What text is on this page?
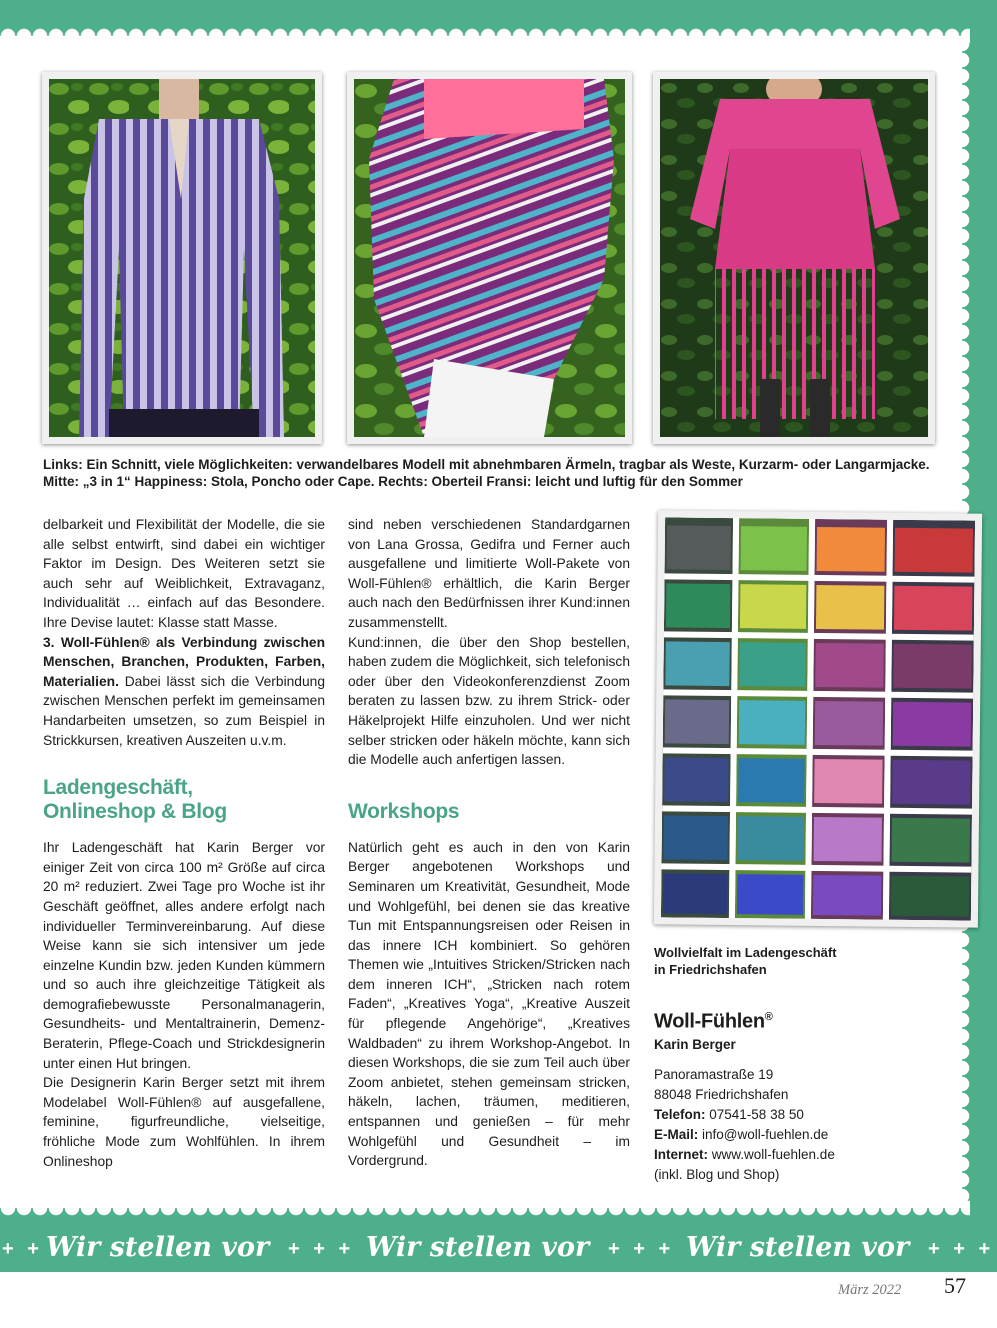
Links: Ein Schnitt, viele Möglichkeiten: verwandelbares Modell mit abnehmbaren Ärmeln, tragbar als Weste, Kurzarm- oder Langarmjacke.
Mitte: „3 in 1“ Happiness: Stola, Poncho oder Cape. Rechts: Oberteil Fransi: leicht und luftig für den Sommer

delbarkeit und Flexibilität der Modelle, die sie alle selbst entwirft, sind dabei ein wichtiger Faktor im Design. Des Weiteren setzt sie auch sehr auf Weiblichkeit, Extravaganz, Individualität … einfach auf das Besondere. Ihre Devise lautet: Klasse statt Masse.

3. Woll-Fühlen® als Verbindung zwischen Menschen, Branchen, Produkten, Farben, Materialien. Dabei lässt sich die Verbindung zwischen Menschen perfekt im gemeinsamen Handarbeiten umsetzen, so zum Beispiel in Strickkursen, kreativen Auszeiten u.v.m.

Ladengeschäft,
Onlineshop & Blog

Ihr Ladengeschäft hat Karin Berger vor einiger Zeit von circa 100 m² Größe auf circa 20 m² reduziert. Zwei Tage pro Woche ist ihr Geschäft geöffnet, alles andere erfolgt nach individueller Terminvereinbarung. Auf diese Weise kann sie sich intensiver um jede einzelne Kundin bzw. jeden Kunden kümmern und so auch ihre gleichzeitige Tätigkeit als demografiebewusste Personalmanagerin, Gesundheits- und Mentaltrainerin, Demenz-Beraterin, Pflege-Coach und Strickdesignerin unter einen Hut bringen.

Die Designerin Karin Berger setzt mit ihrem Modelabel Woll-Fühlen® auf ausgefallene, feminine, figurfreundliche, vielseitige, fröhliche Mode zum Wohlfühlen. In ihrem Onlineshop

sind neben verschiedenen Standardgarnen von Lana Grossa, Gedifra und Ferner auch ausgefallene und limitierte Woll-Pakete von Woll-Fühlen® erhältlich, die Karin Berger auch nach den Bedürfnissen ihrer Kund:innen zusammenstellt.

Kund:innen, die über den Shop bestellen, haben zudem die Möglichkeit, sich telefonisch oder über den Videokonferenzdienst Zoom beraten zu lassen bzw. zu ihrem Strick- oder Häkelprojekt Hilfe einzuholen. Und wer nicht selber stricken oder häkeln möchte, kann sich die Modelle auch anfertigen lassen.

Workshops

Natürlich geht es auch in den von Karin Berger angebotenen Workshops und Seminaren um Kreativität, Gesundheit, Mode und Wohlgefühl, bei denen sie das kreative Tun mit Entspannungsreisen oder Reisen in das innere ICH kombiniert. So gehören Themen wie „Intuitives Stricken/Stricken nach dem inneren ICH“, „Stricken nach rotem Faden“, „Kreatives Yoga“, „Kreative Auszeit für pflegende Angehörige“, „Kreatives Waldbaden“ zu ihrem Workshop-Angebot. In diesen Workshops, die sie zum Teil auch über Zoom anbietet, stehen gemeinsam stricken, häkeln, lachen, träumen, meditieren, entspannen und genießen – für mehr Wohlgefühl und Gesundheit – im Vordergrund.

Wollvielfalt im Ladengeschäft
in Friedrichshafen
Woll-Fühlen®
Karin Berger
Panoramastraße 19
88048 Friedrichshafen
Telefon: 07541-58 38 50
E-Mail: info@woll-fuehlen.de
Internet: www.woll-fuehlen.de
(inkl. Blog und Shop)
+ + Wir stellen vor + + + Wir stellen vor + + + Wir stellen vor + + +
März 2022 57
